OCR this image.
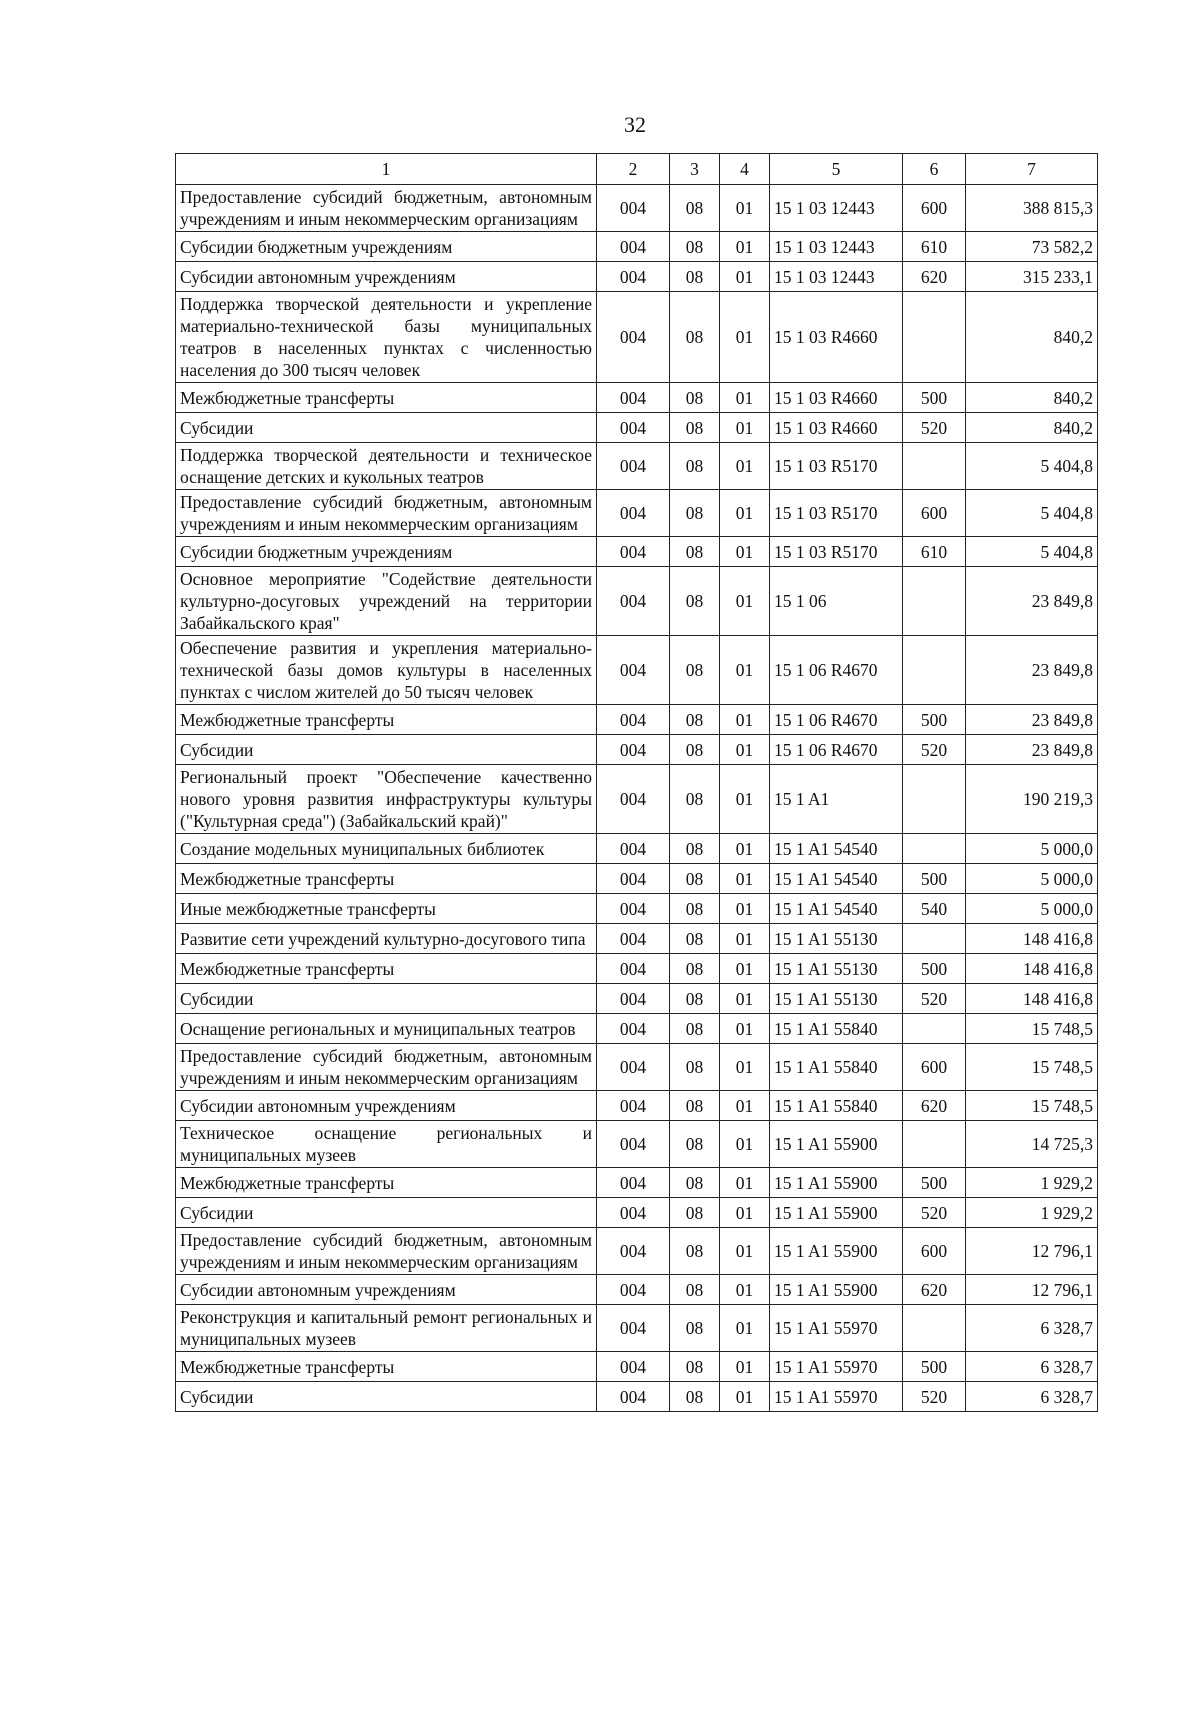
32
1	2	3	4	5	6	7
Предоставление субсидий бюджетным, автономным учреждениям и иным некоммерческим организациям	004	08	01	15 1 03 12443	600	388 815,3
Субсидии бюджетным учреждениям	004	08	01	15 1 03 12443	610	73 582,2
Субсидии автономным учреждениям	004	08	01	15 1 03 12443	620	315 233,1
Поддержка творческой деятельности и укрепление материально-технической базы муниципальных театров в населенных пунктах с численностью населения до 300 тысяч человек	004	08	01	15 1 03 R4660		840,2
Межбюджетные трансферты	004	08	01	15 1 03 R4660	500	840,2
Субсидии	004	08	01	15 1 03 R4660	520	840,2
Поддержка творческой деятельности и техническое оснащение детских и кукольных театров	004	08	01	15 1 03 R5170		5 404,8
Предоставление субсидий бюджетным, автономным учреждениям и иным некоммерческим организациям	004	08	01	15 1 03 R5170	600	5 404,8
Субсидии бюджетным учреждениям	004	08	01	15 1 03 R5170	610	5 404,8
Основное мероприятие "Содействие деятельности культурно-досуговых учреждений на территории Забайкальского края"	004	08	01	15 1 06		23 849,8
Обеспечение развития и укрепления материально-технической базы домов культуры в населенных пунктах с числом жителей до 50 тысяч человек	004	08	01	15 1 06 R4670		23 849,8
Межбюджетные трансферты	004	08	01	15 1 06 R4670	500	23 849,8
Субсидии	004	08	01	15 1 06 R4670	520	23 849,8
Региональный проект "Обеспечение качественно нового уровня развития инфраструктуры культуры ("Культурная среда") (Забайкальский край)"	004	08	01	15 1 A1		190 219,3
Создание модельных муниципальных библиотек	004	08	01	15 1 A1 54540		5 000,0
Межбюджетные трансферты	004	08	01	15 1 A1 54540	500	5 000,0
Иные межбюджетные трансферты	004	08	01	15 1 A1 54540	540	5 000,0
Развитие сети учреждений культурно-досугового типа	004	08	01	15 1 A1 55130		148 416,8
Межбюджетные трансферты	004	08	01	15 1 A1 55130	500	148 416,8
Субсидии	004	08	01	15 1 A1 55130	520	148 416,8
Оснащение региональных и муниципальных театров	004	08	01	15 1 A1 55840		15 748,5
Предоставление субсидий бюджетным, автономным учреждениям и иным некоммерческим организациям	004	08	01	15 1 A1 55840	600	15 748,5
Субсидии автономным учреждениям	004	08	01	15 1 A1 55840	620	15 748,5
Техническое оснащение региональных и муниципальных музеев	004	08	01	15 1 A1 55900		14 725,3
Межбюджетные трансферты	004	08	01	15 1 A1 55900	500	1 929,2
Субсидии	004	08	01	15 1 A1 55900	520	1 929,2
Предоставление субсидий бюджетным, автономным учреждениям и иным некоммерческим организациям	004	08	01	15 1 A1 55900	600	12 796,1
Субсидии автономным учреждениям	004	08	01	15 1 A1 55900	620	12 796,1
Реконструкция и капитальный ремонт региональных и муниципальных музеев	004	08	01	15 1 A1 55970		6 328,7
Межбюджетные трансферты	004	08	01	15 1 A1 55970	500	6 328,7
Субсидии	004	08	01	15 1 A1 55970	520	6 328,7
